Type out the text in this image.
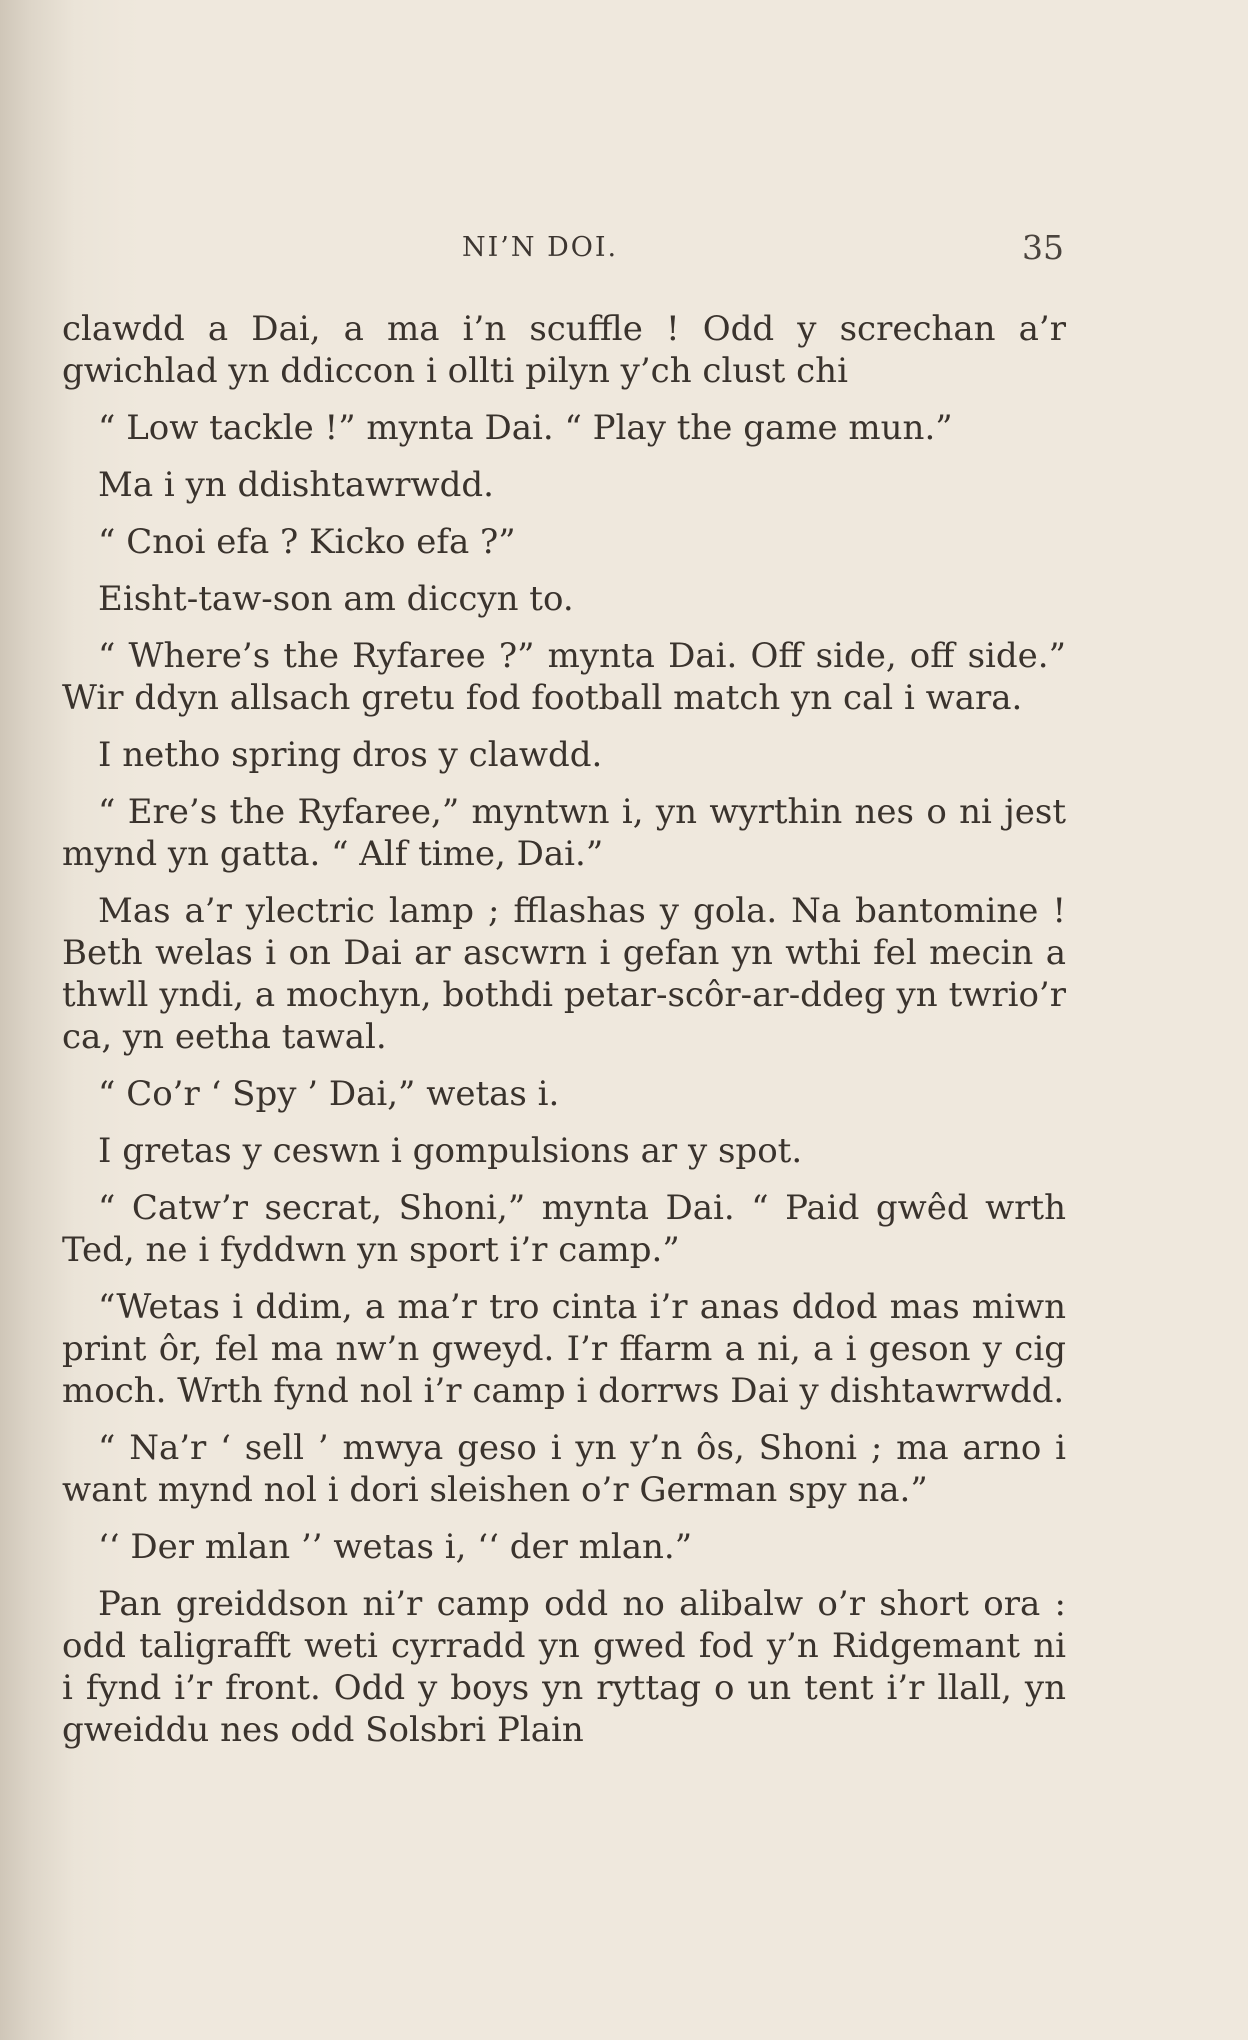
NI’N DOI.	35

clawdd a Dai, a ma i’n scuffle ! Odd y screchan a’r gwichlad yn ddiccon i ollti pilyn y’ch clust chi

“ Low tackle !” mynta Dai. “ Play the game mun.”

Ma i yn ddishtawrwdd.

“ Cnoi efa ? Kicko efa ?”

Eisht-taw-son am diccyn to.

“ Where’s the Ryfaree ?” mynta Dai. Off side, off side.” Wir ddyn allsach gretu fod football match yn cal i wara.

I netho spring dros y clawdd.

“ Ere’s the Ryfaree,” myntwn i, yn wyrthin nes o ni jest mynd yn gatta. “ Alf time, Dai.”

Mas a’r ylectric lamp ; fflashas y gola. Na bantomine ! Beth welas i on Dai ar ascwrn i gefan yn wthi fel mecin a thwll yndi, a mochyn, bothdi petar-scôr-ar-ddeg yn twrio’r ca, yn eetha tawal.

“ Co’r ‘ Spy ’ Dai,” wetas i.

I gretas y ceswn i gompulsions ar y spot.

“ Catw’r secrat, Shoni,” mynta Dai. “ Paid gwêd wrth Ted, ne i fyddwn yn sport i’r camp.”

“Wetas i ddim, a ma’r tro cinta i’r anas ddod mas miwn print ôr, fel ma nw’n gweyd. I’r ffarm a ni, a i geson y cig moch. Wrth fynd nol i’r camp i dorrws Dai y dishtawrwdd.

“ Na’r ‘ sell ’ mwya geso i yn y’n ôs, Shoni ; ma arno i want mynd nol i dori sleishen o’r German spy na.”

‘‘ Der mlan ’’ wetas i, ‘‘ der mlan.”

Pan greiddson ni’r camp odd no alibalw o’r short ora : odd taligrafft weti cyrradd yn gwed fod y’n Ridgemant ni i fynd i’r front. Odd y boys yn ryttag o un tent i’r llall, yn gweiddu nes odd Solsbri Plain
